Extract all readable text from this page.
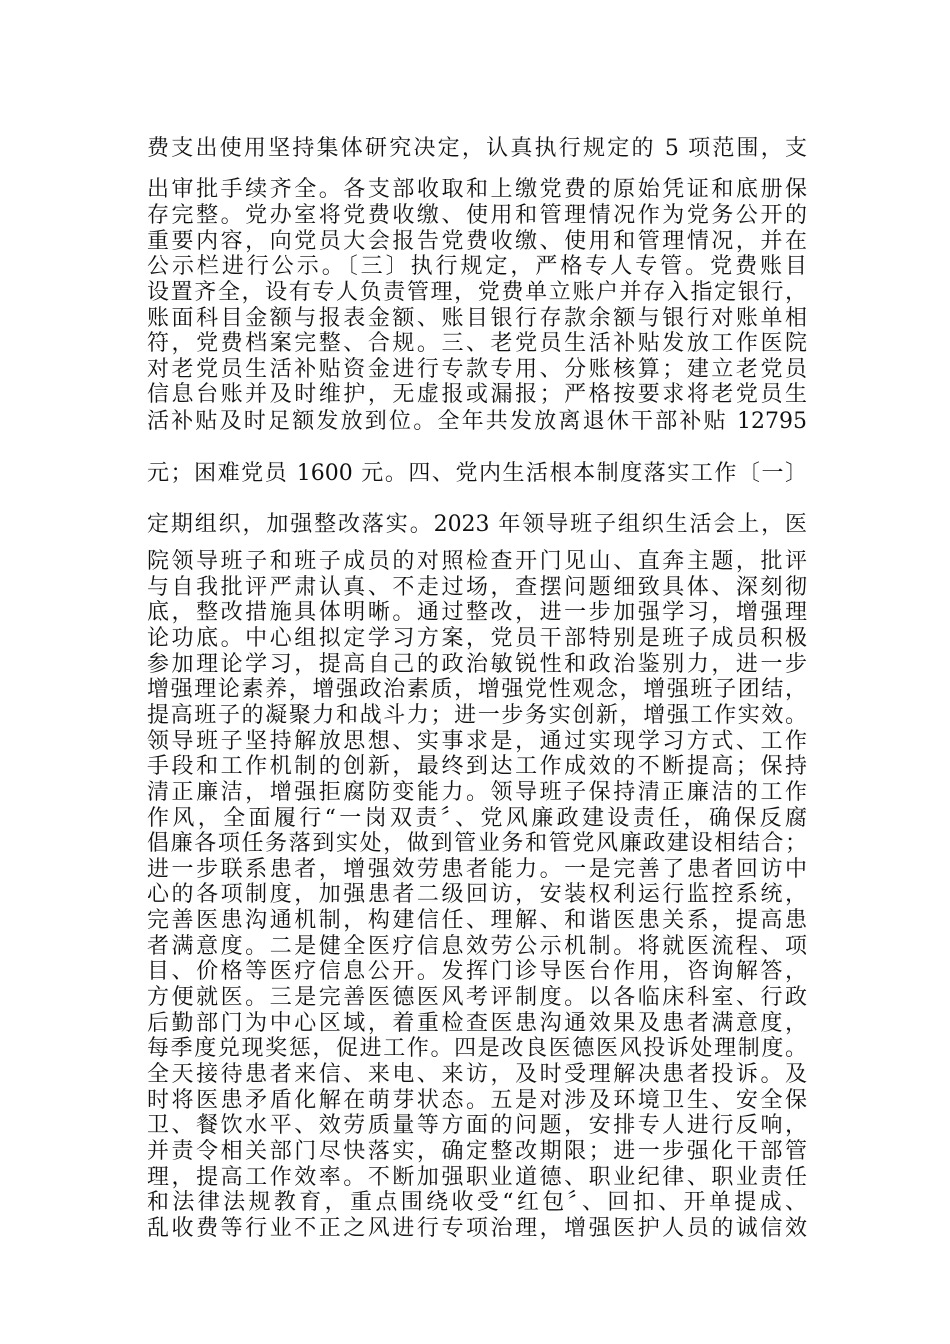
费支出使用坚持集体研究决定，认真执行规定的 5 项范围，支
出审批手续齐全。各支部收取和上缴党费的原始凭证和底册保
存完整。党办室将党费收缴、使用和管理情况作为党务公开的
重要内容，向党员大会报告党费收缴、使用和管理情况，并在
公示栏进行公示。〔三〕执行规定，严格专人专管。党费账目
设置齐全，设有专人负责管理，党费单立账户并存入指定银行，
账面科目金额与报表金额、账目银行存款余额与银行对账单相
符，党费档案完整、合规。三、老党员生活补贴发放工作医院
对老党员生活补贴资金进行专款专用、分账核算；建立老党员
信息台账并及时维护，无虚报或漏报；严格按要求将老党员生
活补贴及时足额发放到位。全年共发放离退休干部补贴 12795
元；困难党员 1600 元。四、党内生活根本制度落实工作〔一〕
定期组织，加强整改落实。2023 年领导班子组织生活会上，医
院领导班子和班子成员的对照检查开门见山、直奔主题，批评
与自我批评严肃认真、不走过场，查摆问题细致具体、深刻彻
底，整改措施具体明晰。通过整改，进一步加强学习，增强理
论功底。中心组拟定学习方案，党员干部特别是班子成员积极
参加理论学习，提高自己的政治敏锐性和政治鉴别力，进一步
增强理论素养，增强政治素质，增强党性观念，增强班子团结，
提高班子的凝聚力和战斗力；进一步务实创新，增强工作实效。
领导班子坚持解放思想、实事求是，通过实现学习方式、工作
手段和工作机制的创新，最终到达工作成效的不断提高；保持
清正廉洁，增强拒腐防变能力。领导班子保持清正廉洁的工作
作风，全面履行“一岗双责〞、党风廉政建设责任，确保反腐
倡廉各项任务落到实处，做到管业务和管党风廉政建设相结合；
进一步联系患者，增强效劳患者能力。一是完善了患者回访中
心的各项制度，加强患者二级回访，安装权利运行监控系统，
完善医患沟通机制，构建信任、理解、和谐医患关系，提高患
者满意度。二是健全医疗信息效劳公示机制。将就医流程、项
目、价格等医疗信息公开。发挥门诊导医台作用，咨询解答，
方便就医。三是完善医德医风考评制度。以各临床科室、行政
后勤部门为中心区域，着重检查医患沟通效果及患者满意度，
每季度兑现奖惩，促进工作。四是改良医德医风投诉处理制度。
全天接待患者来信、来电、来访，及时受理解决患者投诉。及
时将医患矛盾化解在萌芽状态。五是对涉及环境卫生、安全保
卫、餐饮水平、效劳质量等方面的问题，安排专人进行反响，
并责令相关部门尽快落实，确定整改期限；进一步强化干部管
理，提高工作效率。不断加强职业道德、职业纪律、职业责任
和法律法规教育，重点围绕收受“红包〞、回扣、开单提成、
乱收费等行业不正之风进行专项治理，增强医护人员的诚信效
